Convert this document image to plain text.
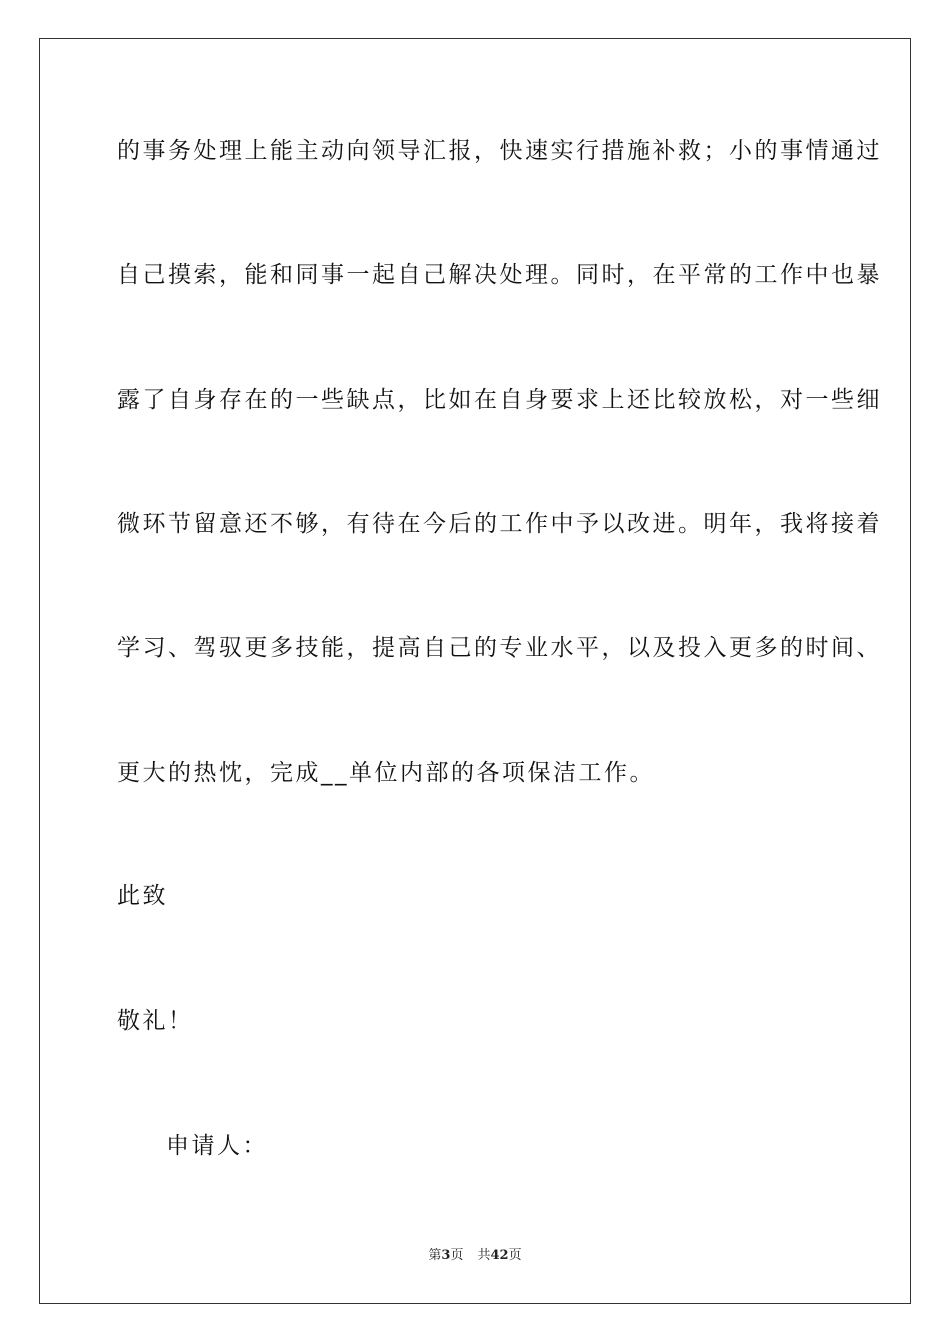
的事务处理上能主动向领导汇报，快速实行措施补救；小的事情通过
自己摸索，能和同事一起自己解决处理。同时，在平常的工作中也暴
露了自身存在的一些缺点，比如在自身要求上还比较放松，对一些细
微环节留意还不够，有待在今后的工作中予以改进。明年，我将接着
学习、驾驭更多技能，提高自己的专业水平，以及投入更多的时间、
更大的热忱，完成__单位内部的各项保洁工作。
此致
敬礼！
申请人：
第3页 共42页
